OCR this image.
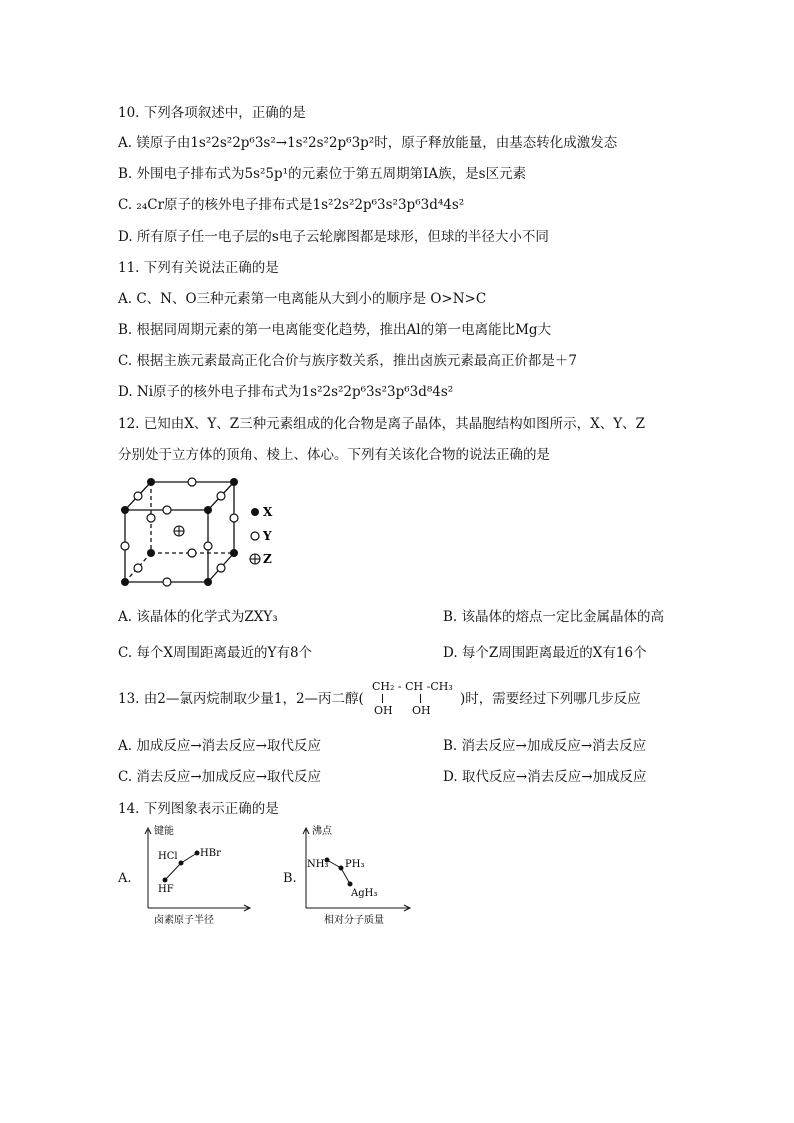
10. 下列各项叙述中，正确的是
A. 镁原子由1s²2s²2p⁶3s²→1s²2s²2p⁶3p²时，原子释放能量，由基态转化成激发态
B. 外围电子排布式为5s²5p¹的元素位于第五周期第ⅠA族，是s区元素
C. ₂₄Cr原子的核外电子排布式是1s²2s²2p⁶3s²3p⁶3d⁴4s²
D. 所有原子任一电子层的s电子云轮廓图都是球形，但球的半径大小不同
11. 下列有关说法正确的是
A. C、N、O三种元素第一电离能从大到小的顺序是 O>N>C
B. 根据同周期元素的第一电离能变化趋势，推出Al的第一电离能比Mg大
C. 根据主族元素最高正化合价与族序数关系，推出卤族元素最高正价都是＋7
D. Ni原子的核外电子排布式为1s²2s²2p⁶3s²3p⁶3d⁸4s²
12. 已知由X、Y、Z三种元素组成的化合物是离子晶体，其晶胞结构如图所示，X、Y、Z
分别处于立方体的顶角、棱上、体心。下列有关该化合物的说法正确的是
X
Y
Z
A. 该晶体的化学式为ZXY₃	B. 该晶体的熔点一定比金属晶体的高
C. 每个X周围距离最近的Y有8个	D. 每个Z周围距离最近的X有16个
13. 由2—氯丙烷制取少量1，2—丙二醇(
CH₂ - CH -CH₃
OH OH
)时，需要经过下列哪几步反应
A. 加成反应→消去反应→取代反应	B. 消去反应→加成反应→消去反应
C. 消去反应→加成反应→取代反应	D. 取代反应→消去反应→加成反应
14. 下列图象表示正确的是
A.
键能
HF
HCl HBr
卤素原子半径
B.
沸点
NH₃ PH₃
AgH₃
相对分子质量
